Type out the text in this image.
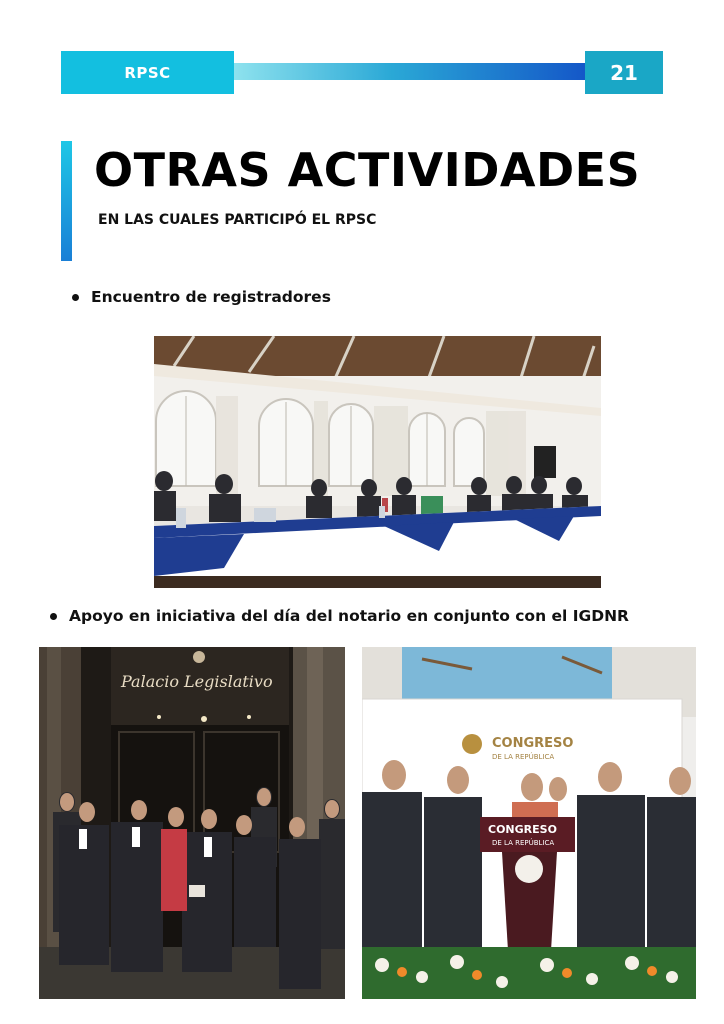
RPSC	21
OTRAS ACTIVIDADES
EN LAS CUALES PARTICIPÓ EL RPSC
Encuentro de registradores
Apoyo en iniciativa del día del notario en conjunto con el IGDNR
Palacio Legislativo
CONGRESO
DE LA REPÚBLICA
CONGRESO
DE LA REPÚBLICA
